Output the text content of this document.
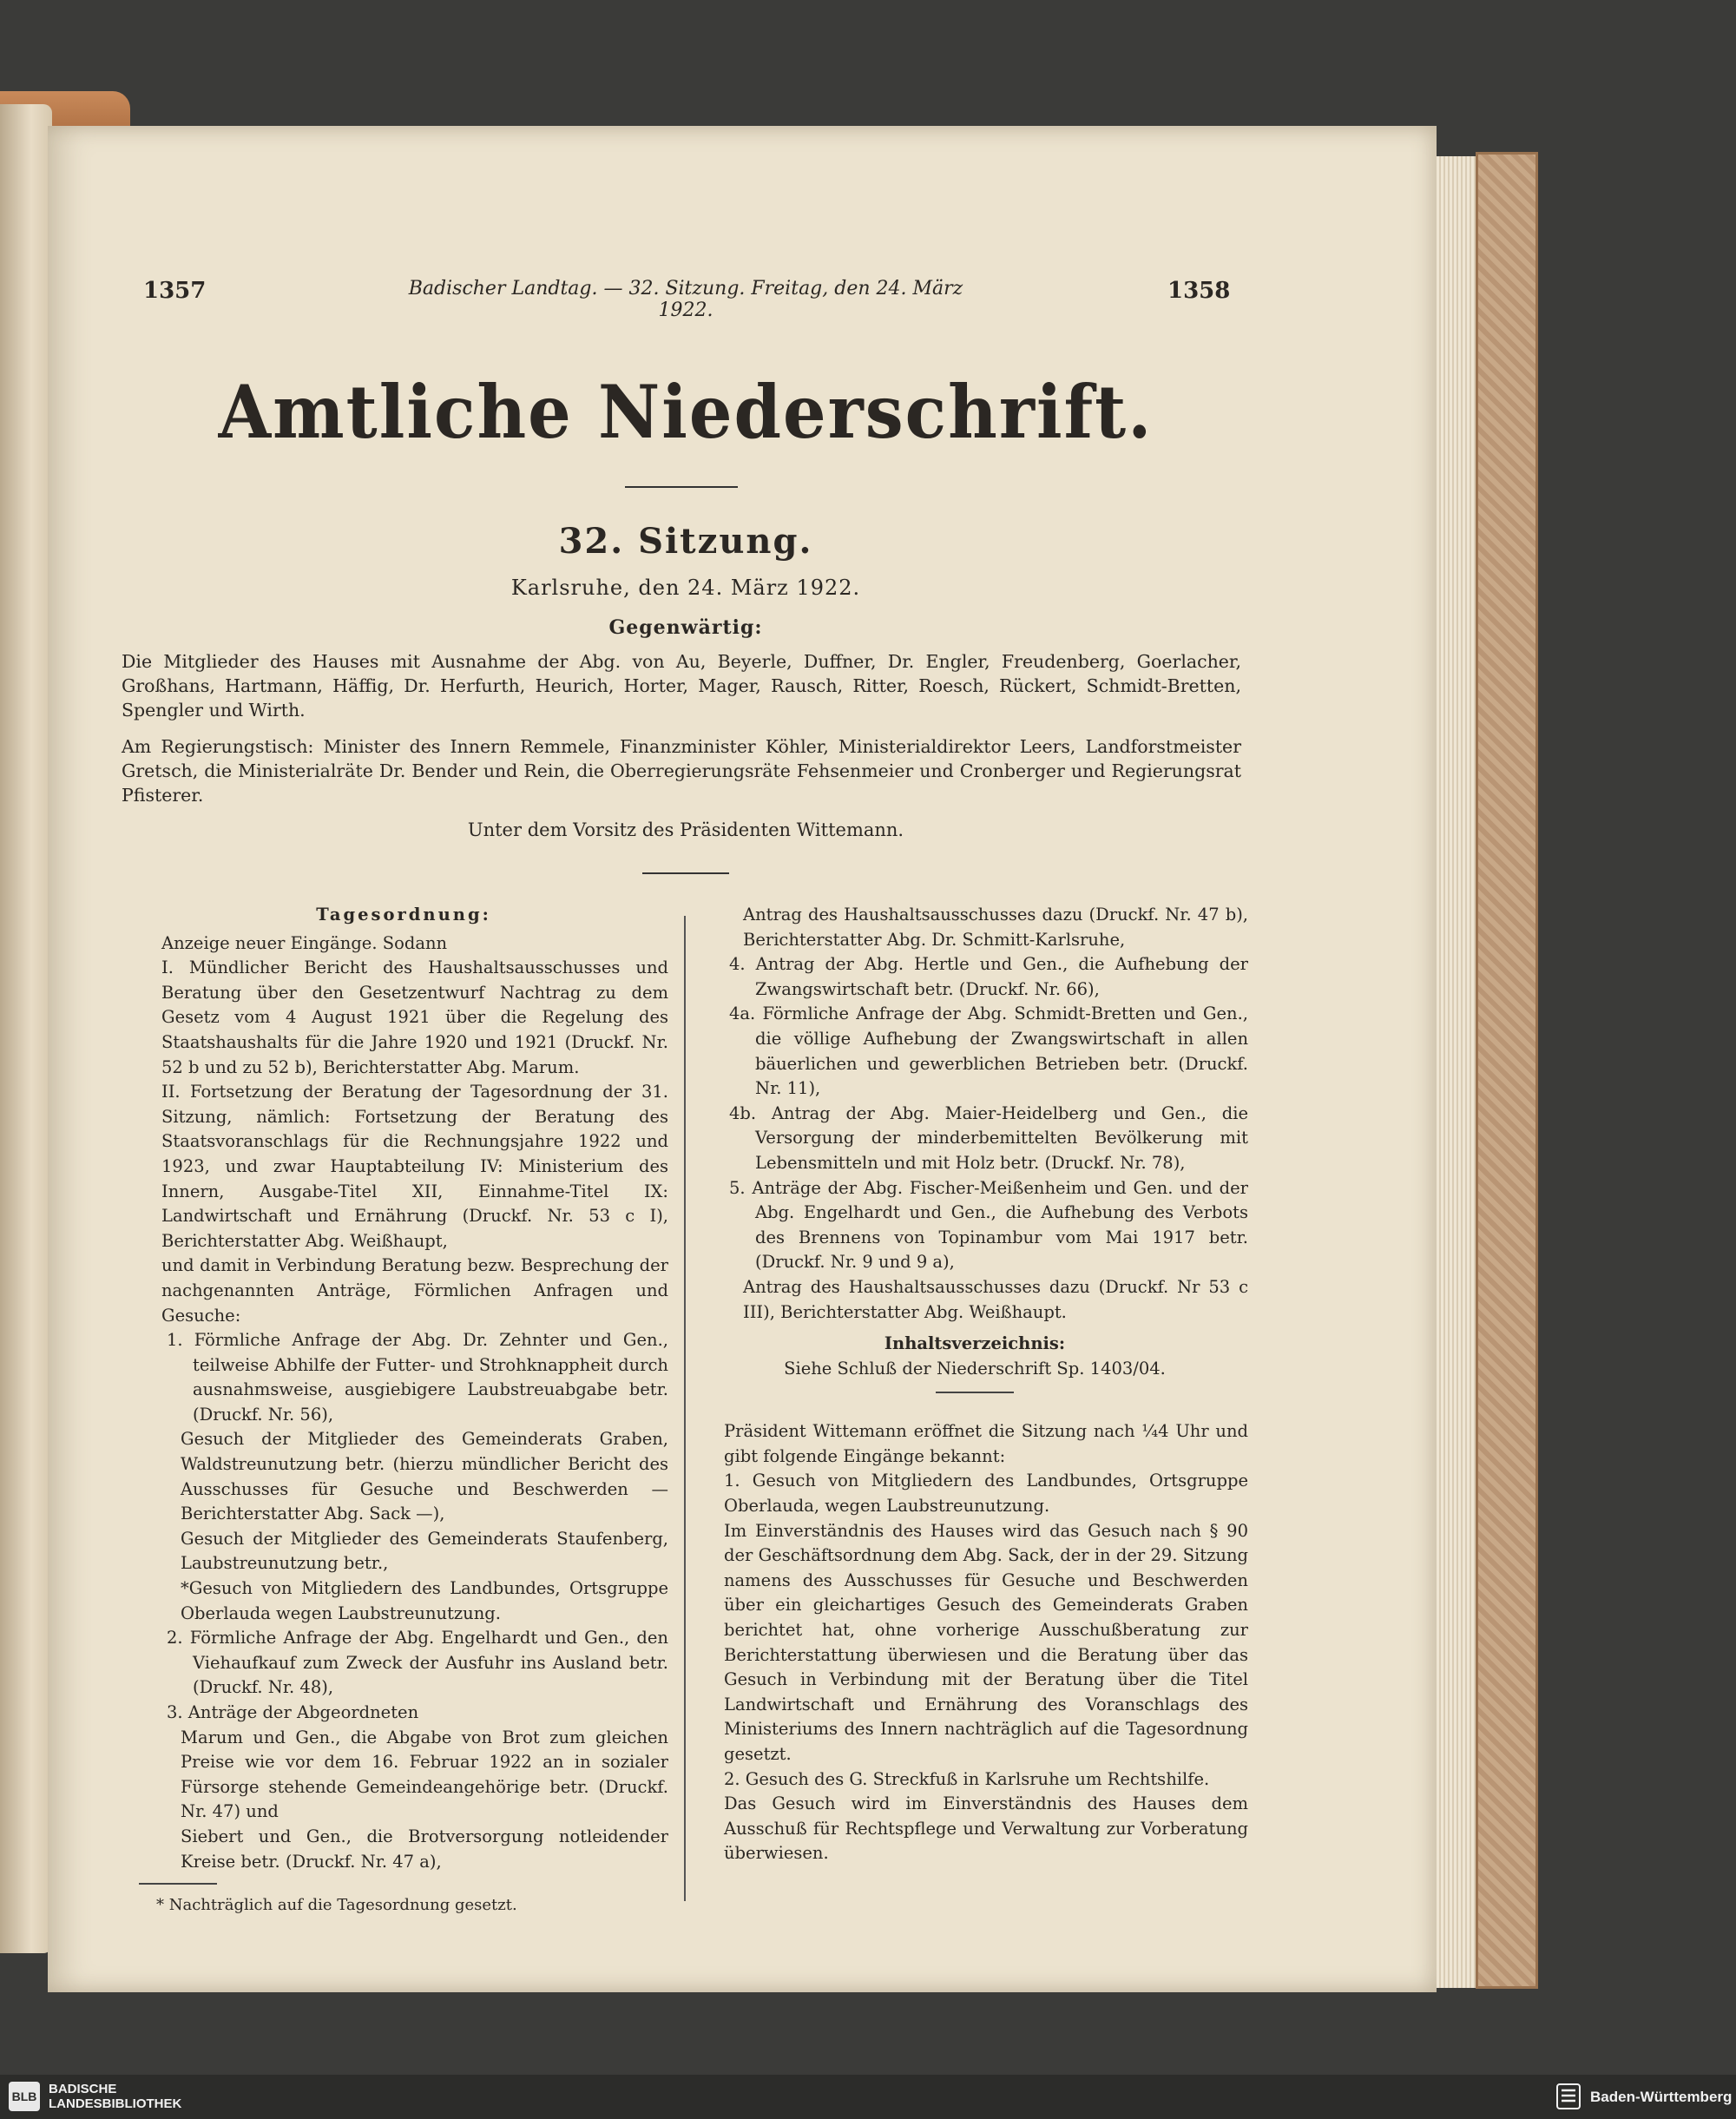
1357	Badischer Landtag. — 32. Sitzung. Freitag, den 24. März 1922.
1358
Amtliche Niederschrift.
32. Sitzung.
Karlsruhe, den 24. März 1922.
Gegenwärtig:
Die Mitglieder des Hauses mit Ausnahme der Abg. von Au, Beyerle, Duffner, Dr. Engler, Freudenberg, Goerlacher, Großhans, Hartmann, Häffig, Dr. Herfurth, Heurich, Horter, Mager, Rausch, Ritter, Roesch, Rückert, Schmidt-Bretten, Spengler und Wirth.
Am Regierungstisch: Minister des Innern Remmele, Finanzminister Köhler, Ministerialdirektor Leers, Landforstmeister Gretsch, die Ministerialräte Dr. Bender und Rein, die Oberregierungsräte Fehsenmeier und Cronberger und Regierungsrat Pfisterer.
Unter dem Vorsitz des Präsidenten Wittemann.

Tagesordnung:

Anzeige neuer Eingänge. Sodann

I. Mündlicher Bericht des Haushaltsausschusses und Beratung über den Gesetzentwurf Nachtrag zu dem Gesetz vom 4 August 1921 über die Regelung des Staatshaushalts für die Jahre 1920 und 1921 (Druckf. Nr. 52 b und zu 52 b), Berichterstatter Abg. Marum.

II. Fortsetzung der Beratung der Tagesordnung der 31. Sitzung, nämlich: Fortsetzung der Beratung des Staatsvoranschlags für die Rechnungsjahre 1922 und 1923, und zwar Hauptabteilung IV: Ministerium des Innern, Ausgabe-Titel XII, Einnahme-Titel IX: Landwirtschaft und Ernährung (Druckf. Nr. 53 c I), Berichterstatter Abg. Weißhaupt,

und damit in Verbindung Beratung bezw. Besprechung der nachgenannten Anträge, Förmlichen Anfragen und Gesuche:

1. Förmliche Anfrage der Abg. Dr. Zehnter und Gen., teilweise Abhilfe der Futter- und Strohknappheit durch ausnahmsweise, ausgiebigere Laubstreuabgabe betr. (Druckf. Nr. 56),

Gesuch der Mitglieder des Gemeinderats Graben, Waldstreunutzung betr. (hierzu mündlicher Bericht des Ausschusses für Gesuche und Beschwerden — Berichterstatter Abg. Sack —),

Gesuch der Mitglieder des Gemeinderats Staufenberg, Laubstreunutzung betr.,

*Gesuch von Mitgliedern des Landbundes, Ortsgruppe Oberlauda wegen Laubstreunutzung.

2. Förmliche Anfrage der Abg. Engelhardt und Gen., den Viehaufkauf zum Zweck der Ausfuhr ins Ausland betr. (Druckf. Nr. 48),

3. Anträge der Abgeordneten

Marum und Gen., die Abgabe von Brot zum gleichen Preise wie vor dem 16. Februar 1922 an in sozialer Fürsorge stehende Gemeindeangehörige betr. (Druckf. Nr. 47) und

Siebert und Gen., die Brotversorgung notleidender Kreise betr. (Druckf. Nr. 47 a),

* Nachträglich auf die Tagesordnung gesetzt.

Antrag des Haushaltsausschusses dazu (Druckf. Nr. 47 b), Berichterstatter Abg. Dr. Schmitt-Karlsruhe,

4. Antrag der Abg. Hertle und Gen., die Aufhebung der Zwangswirtschaft betr. (Druckf. Nr. 66),

4a. Förmliche Anfrage der Abg. Schmidt-Bretten und Gen., die völlige Aufhebung der Zwangswirtschaft in allen bäuerlichen und gewerblichen Betrieben betr. (Druckf. Nr. 11),

4b. Antrag der Abg. Maier-Heidelberg und Gen., die Versorgung der minderbemittelten Bevölkerung mit Lebensmitteln und mit Holz betr. (Druckf. Nr. 78),

5. Anträge der Abg. Fischer-Meißenheim und Gen. und der Abg. Engelhardt und Gen., die Aufhebung des Verbots des Brennens von Topinambur vom Mai 1917 betr. (Druckf. Nr. 9 und 9 a),

Antrag des Haushaltsausschusses dazu (Druckf. Nr 53 c III), Berichterstatter Abg. Weißhaupt.

Inhaltsverzeichnis:

Siehe Schluß der Niederschrift Sp. 1403/04.

Präsident Wittemann eröffnet die Sitzung nach ¼4 Uhr und gibt folgende Eingänge bekannt:

1. Gesuch von Mitgliedern des Landbundes, Ortsgruppe Oberlauda, wegen Laubstreunutzung.

Im Einverständnis des Hauses wird das Gesuch nach § 90 der Geschäftsordnung dem Abg. Sack, der in der 29. Sitzung namens des Ausschusses für Gesuche und Beschwerden über ein gleichartiges Gesuch des Gemeinderats Graben berichtet hat, ohne vorherige Ausschußberatung zur Berichterstattung überwiesen und die Beratung über das Gesuch in Verbindung mit der Beratung über die Titel Landwirtschaft und Ernährung des Voranschlags des Ministeriums des Innern nachträglich auf die Tagesordnung gesetzt.

2. Gesuch des G. Streckfuß in Karlsruhe um Rechtshilfe.

Das Gesuch wird im Einverständnis des Hauses dem Ausschuß für Rechtspflege und Verwaltung zur Vorberatung überwiesen.

BLB BADISCHE
LANDESBIBLIOTHEK	Baden-Württemberg
